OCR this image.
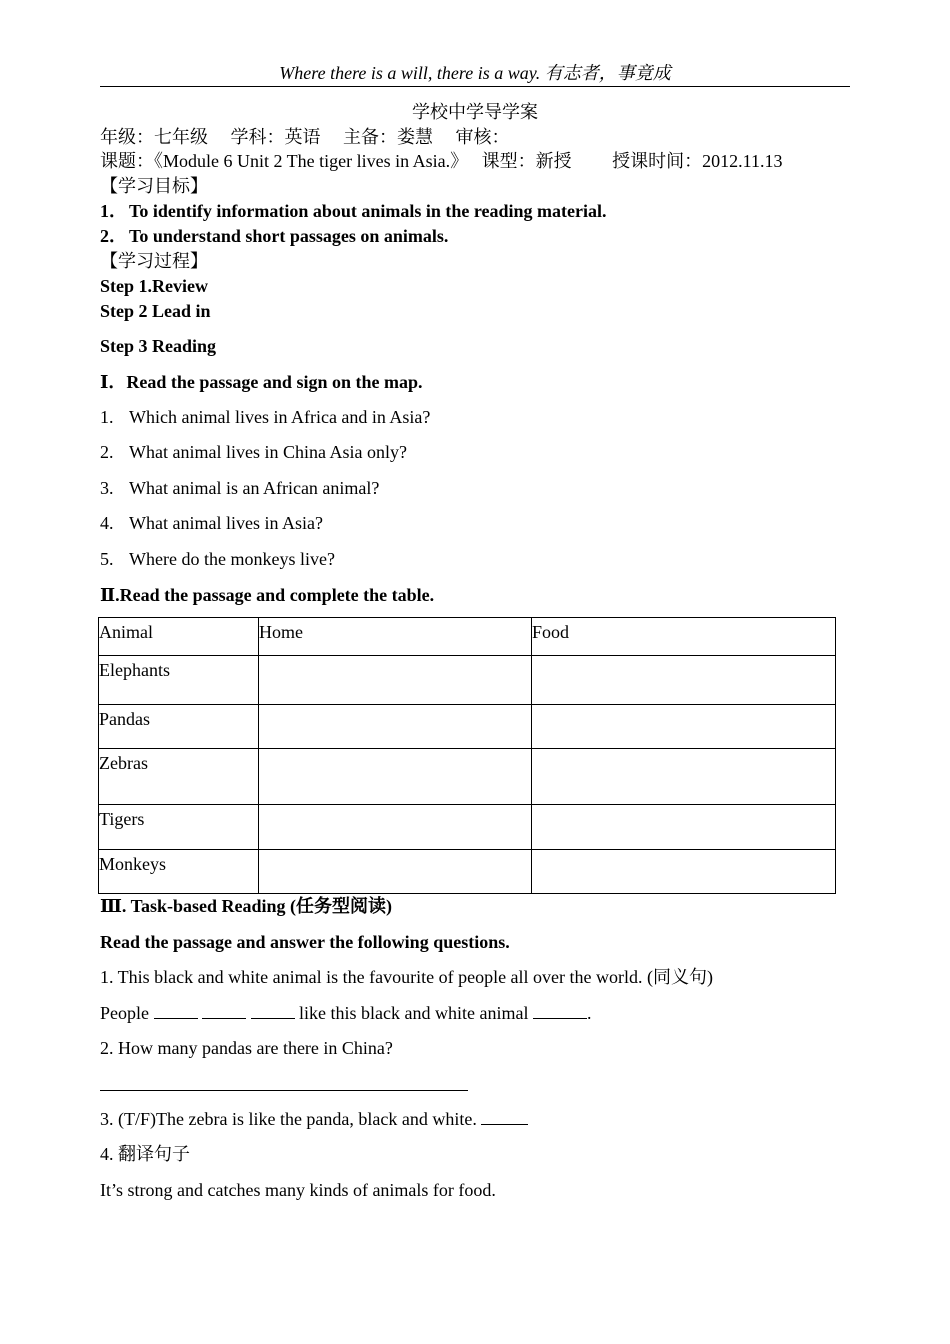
Where there is a will, there is a way. 有志者，事竟成
学校中学导学案
年级：七年级　 学科：英语　 主备：娄慧　 审核：
课题：《Module 6 Unit 2 The tiger lives in Asia.》　 课型：新授　　 授课时间：2012.11.13
【学习目标】
1． To identify information about animals in the reading material.
2． To understand short passages on animals.
【学习过程】
Step 1.Review
Step 2 Lead in
Step 3 Reading
Ⅰ．Read the passage and sign on the map.
1. Which animal lives in Africa and in Asia?
2. What animal lives in China Asia only?
3. What animal is an African animal?
4. What animal lives in Asia?
5. Where do the monkeys live?
Ⅱ.Read the passage and complete the table.
Animal	Home	Food
Elephants		
Pandas		
Zebras		
Tigers		
Monkeys		
Ⅲ. Task-based Reading (任务型阅读)
Read the passage and answer the following questions.
1. This black and white animal is the favourite of people all over the world. (同义句)
People	like this black and white animal	.
2. How many pandas are there in China?
3. (T/F)The zebra is like the panda, black and white.
4. 翻译句子
It’s strong and catches many kinds of animals for food.
